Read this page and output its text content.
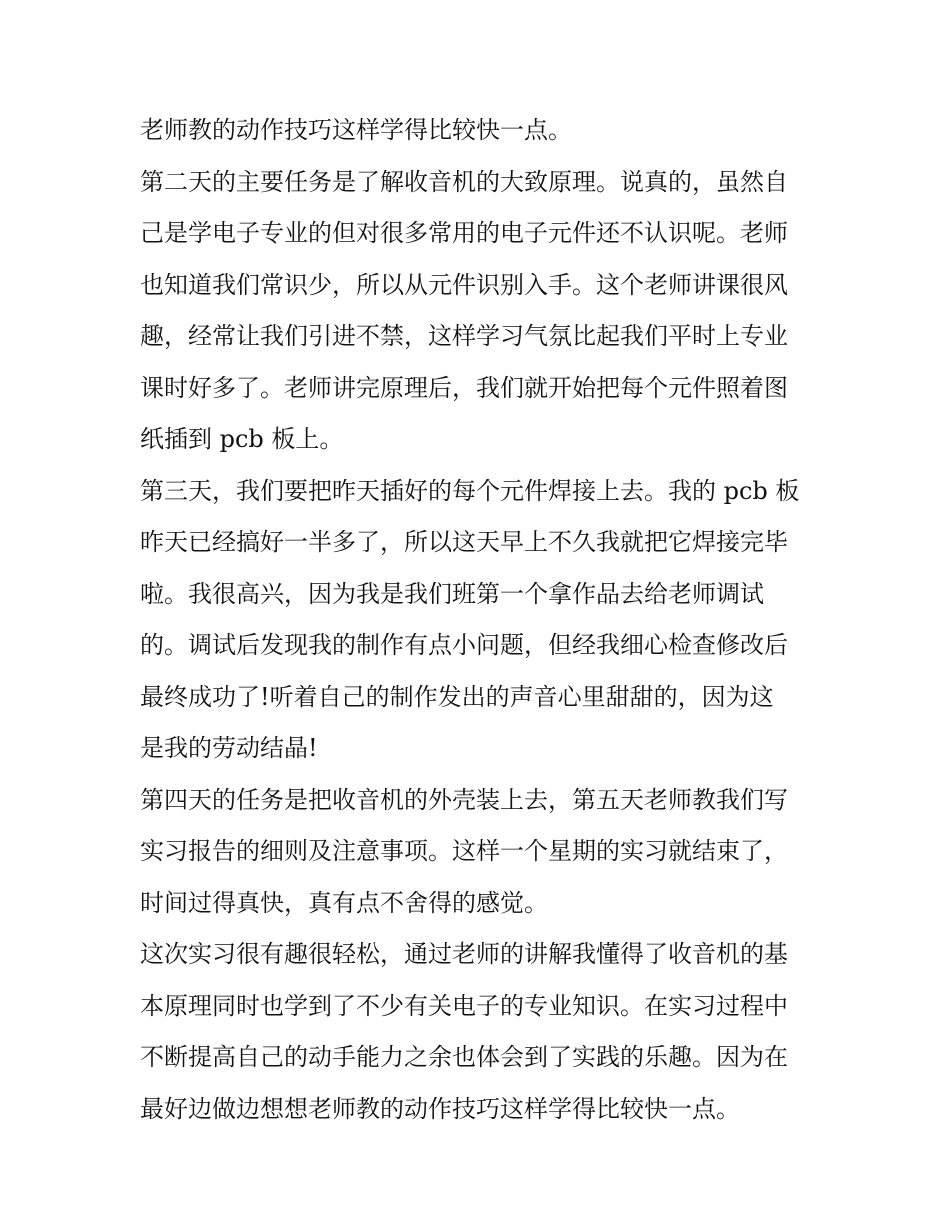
老师教的动作技巧这样学得比较快一点。
第二天的主要任务是了解收音机的大致原理。说真的，虽然自
己是学电子专业的但对很多常用的电子元件还不认识呢。老师
也知道我们常识少，所以从元件识别入手。这个老师讲课很风
趣，经常让我们引进不禁，这样学习气氛比起我们平时上专业
课时好多了。老师讲完原理后，我们就开始把每个元件照着图
纸插到 pcb 板上。
第三天，我们要把昨天插好的每个元件焊接上去。我的 pcb 板
昨天已经搞好一半多了，所以这天早上不久我就把它焊接完毕
啦。我很高兴，因为我是我们班第一个拿作品去给老师调试
的。调试后发现我的制作有点小问题，但经我细心检查修改后
最终成功了!听着自己的制作发出的声音心里甜甜的，因为这
是我的劳动结晶!
第四天的任务是把收音机的外壳装上去，第五天老师教我们写
实习报告的细则及注意事项。这样一个星期的实习就结束了，
时间过得真快，真有点不舍得的感觉。
这次实习很有趣很轻松，通过老师的讲解我懂得了收音机的基
本原理同时也学到了不少有关电子的专业知识。在实习过程中
不断提高自己的动手能力之余也体会到了实践的乐趣。因为在
最好边做边想想老师教的动作技巧这样学得比较快一点。
